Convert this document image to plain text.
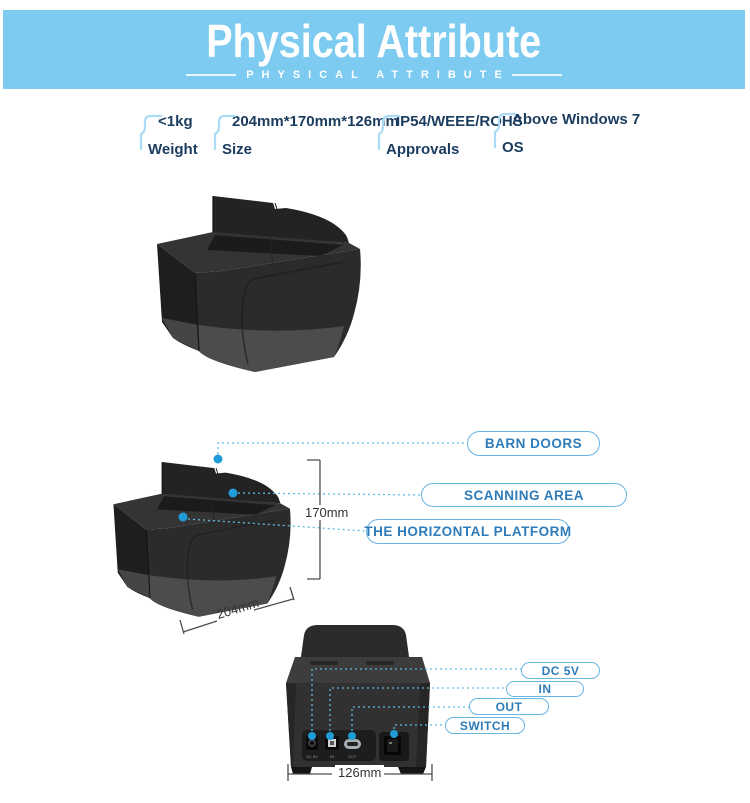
Physical Attribute
PHYSICAL ATTRIBUTE
<1kg
Weight
204mm*170mm*126mm
Size
IP54/WEEE/ROHS
Approvals
Above Windows 7
OS
DC 5V	IN	OUT
BARN DOORS
SCANNING AREA
THE HORIZONTAL PLATFORM
DC 5V
IN
OUT
SWITCH
170mm
204mm
126mm
